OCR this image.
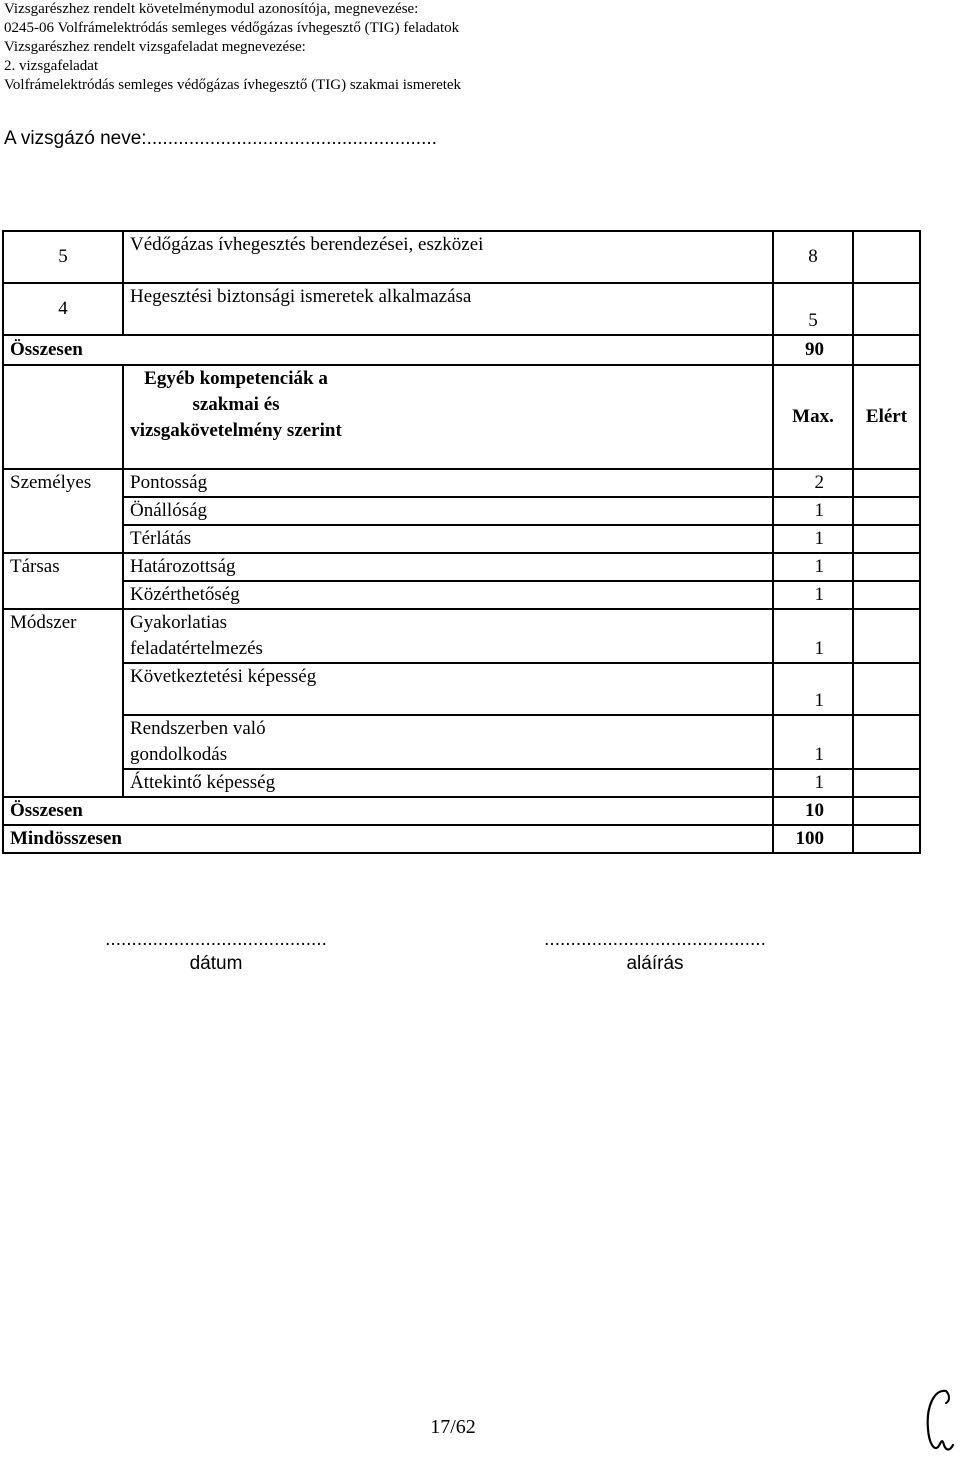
Vizsgarészhez rendelt követelménymodul azonosítója, megnevezése:
0245-06 Volfrámelektródás semleges védőgázas ívhegesztő (TIG) feladatok
Vizsgarészhez rendelt vizsgafeladat megnevezése:
2. vizsgafeladat
Volfrámelektródás semleges védőgázas ívhegesztő (TIG) szakmai ismeretek
A vizsgázó neve:.......................................................
5	Védőgázas ívhegesztés berendezései, eszközei		8	
4	Hegesztési biztonsági ismeretek alkalmazása		5	
Összesen			90	
	Egyéb kompetenciák a szakmai és vizsgakövetelmény szerint		Max.	Elért
Személyes	Pontosság		2	
	Önállóság		1	
	Térlátás		1	
Társas	Határozottság		1	
	Közérthetőség		1	
Módszer	Gyakorlatias feladatértelmezés		1	

	Következtetési képesség		1	

	Rendszerben való gondolkodás		1	
	Áttekintő képesség		1	
Összesen			10	
Mindösszesen			100	
..........................................
dátum
..........................................
aláírás
17/62
